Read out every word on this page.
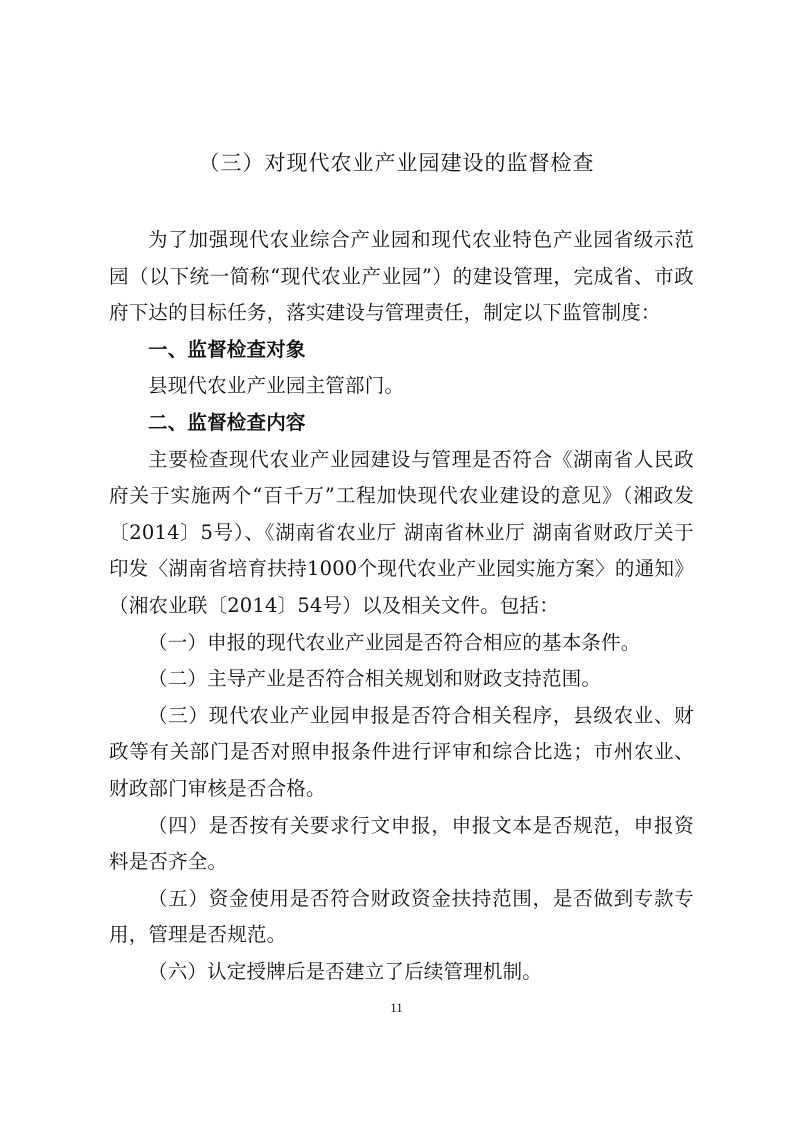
（三）对现代农业产业园建设的监督检查

为了加强现代农业综合产业园和现代农业特色产业园省级示范园（以下统一简称“现代农业产业园”）的建设管理，完成省、市政府下达的目标任务，落实建设与管理责任，制定以下监管制度：

一、监督检查对象

县现代农业产业园主管部门。

二、监督检查内容

主要检查现代农业产业园建设与管理是否符合《湖南省人民政府关于实施两个“百千万”工程加快现代农业建设的意见》（湘政发〔2014〕5号）、《湖南省农业厅 湖南省林业厅 湖南省财政厅关于印发〈湖南省培育扶持1000个现代农业产业园实施方案〉的通知》（湘农业联〔2014〕54号）以及相关文件。包括：

（一）申报的现代农业产业园是否符合相应的基本条件。

（二）主导产业是否符合相关规划和财政支持范围。

（三）现代农业产业园申报是否符合相关程序，县级农业、财政等有关部门是否对照申报条件进行评审和综合比选；市州农业、财政部门审核是否合格。

（四）是否按有关要求行文申报，申报文本是否规范，申报资料是否齐全。

（五）资金使用是否符合财政资金扶持范围，是否做到专款专用，管理是否规范。

（六）认定授牌后是否建立了后续管理机制。

11
